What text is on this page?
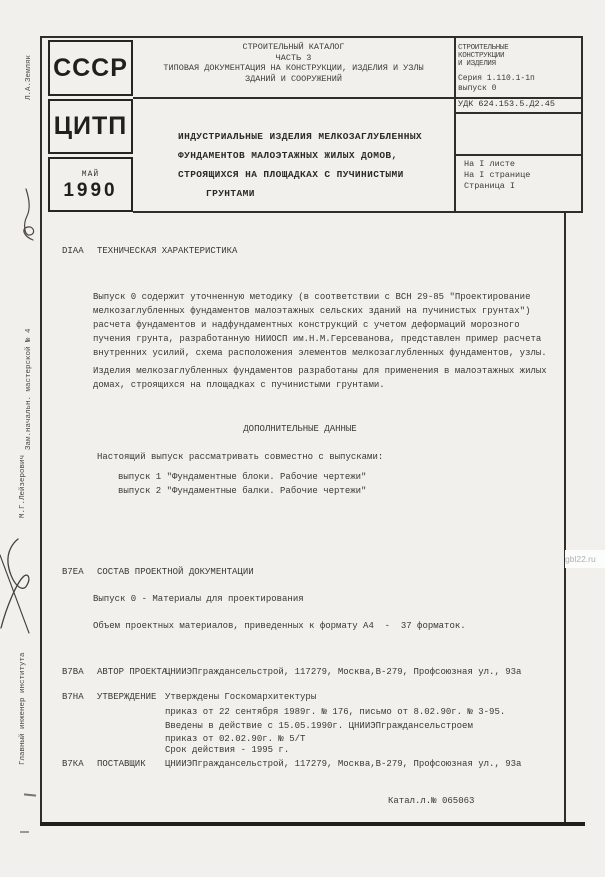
СССР
ЦИТП
МАЙ
1990
СТРОИТЕЛЬНЫЙ КАТАЛОГ
ЧАСТЬ 3
ТИПОВАЯ ДОКУМЕНТАЦИЯ НА КОНСТРУКЦИИ, ИЗДЕЛИЯ И УЗЛЫ
ЗДАНИЙ И СООРУЖЕНИЙ
СТРОИТЕЛЬНЫЕ
КОНСТРУКЦИИ
И ИЗДЕЛИЯ
Серия 1.110.1-1п
выпуск 0
УДК 624.153.5.Д2.45
На I листе
На I странице
Страница I
ИНДУСТРИАЛЬНЫЕ ИЗДЕЛИЯ МЕЛКОЗАГЛУБЛЕННЫХ
ФУНДАМЕНТОВ МАЛОЭТАЖНЫХ ЖИЛЫХ ДОМОВ,
СТРОЯЩИХСЯ НА ПЛОЩАДКАХ С ПУЧИНИСТЫМИ
ГРУНТАМИ
DIAA ТЕХНИЧЕСКАЯ ХАРАКТЕРИСТИКА
Выпуск 0 содержит уточненную методику (в соответствии с ВСН 29-85 "Проектирование
мелкозаглубленных фундаментов малоэтажных сельских зданий на пучинистых грунтах")
расчета фундаментов и надфундаментных конструкций с учетом деформаций морозного
пучения грунта, разработанную НИИОСП им.Н.М.Герсеванова, представлен пример расчета
внутренних усилий, схема расположения элементов мелкозаглубленных фундаментов, узлы.
Изделия мелкозаглубленных фундаментов разработаны для применения в малоэтажных жилых
домах, строящихся на площадках с пучинистыми грунтами.
ДОПОЛНИТЕЛЬНЫЕ ДАННЫЕ
Настоящий выпуск рассматривать совместно с выпусками:
выпуск 1 "Фундаментные блоки. Рабочие чертежи"
выпуск 2 "Фундаментные балки. Рабочие чертежи"
В7ЕА СОСТАВ ПРОЕКТНОЙ ДОКУМЕНТАЦИИ
Выпуск 0 - Материалы для проектирования
Объем проектных материалов, приведенных к формату А4  -  37 форматок.
В7ВА АВТОР ПРОЕКТА
ЦНИИЭПграждансельстрой, 117279, Москва,В-279, Профсоюзная ул., 93а
В7НА УТВЕРЖДЕНИЕ Утверждены Госкомархитектуры
приказ от 22 сентября 1989г. № 176, письмо от 8.02.90г. № 3-95.
Введены в действие с 15.05.1990г. ЦНИИЭПграждансельстроем
приказ от 02.02.90г. № 5/Т
Срок действия - 1995 г.
В7КА ПОСТАВЩИК ЦНИИЭПграждансельстрой, 117279, Москва,В-279, Профсоюзная ул., 93а
Катал.л.№ 065063
Зам.начальн. мастерской № 4

Л.А.Земляк
Главный инженер института

М.Г.Лейзерович
gbl22.ru
